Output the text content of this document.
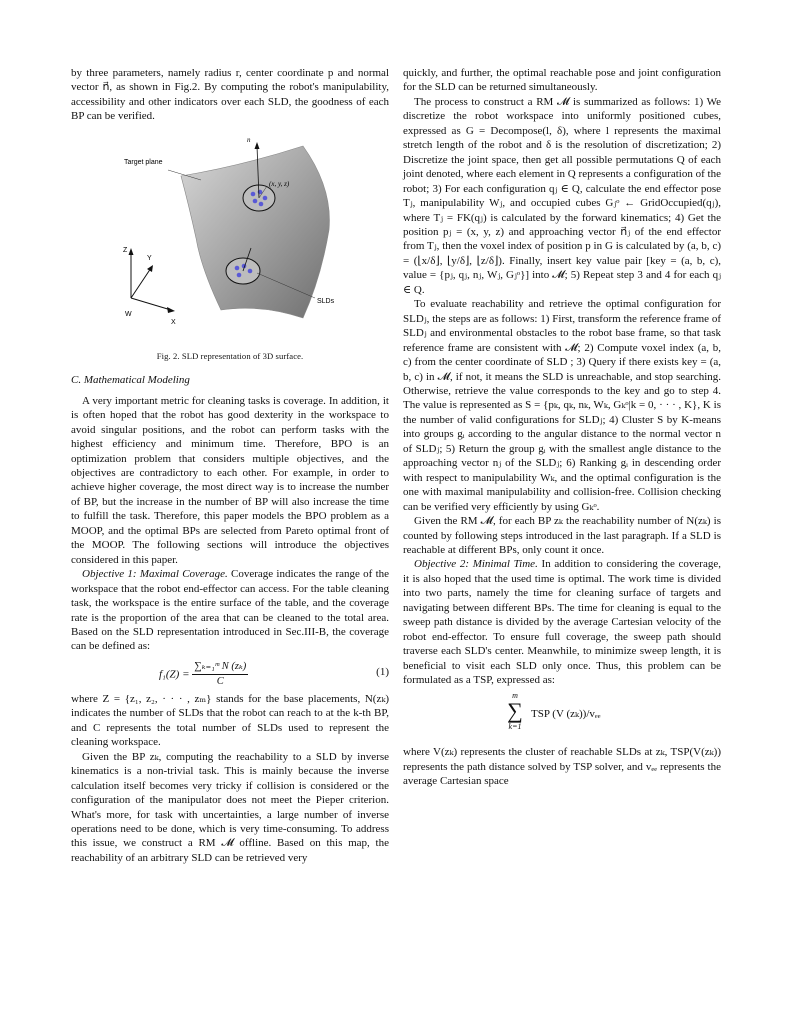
by three parameters, namely radius r, center coordinate p and normal vector n⃗, as shown in Fig.2. By computing the robot's manipulability, accessibility and other indicators over each SLD, the goodness of each BP can be verified.

Target plane
(x, y, z)
SLDs
n⃗
Z
Y
X
W
Fig. 2. SLD representation of 3D surface.

C. Mathematical Modeling

A very important metric for cleaning tasks is coverage. In addition, it is often hoped that the robot has good dexterity in the workspace to avoid singular positions, and the robot can perform tasks with the highest efficiency and minimum time. Therefore, BPO is an optimization problem that considers multiple objectives, and the objectives are contradictory to each other. For example, in order to achieve higher coverage, the most direct way is to increase the number of BP, but the increase in the number of BP will also increase the time to fulfill the task. Therefore, this paper models the BPO problem as a MOOP, and the optimal BPs are selected from Pareto optimal front of the MOOP. The following sections will introduce the objectives considered in this paper.

Objective 1: Maximal Coverage. Coverage indicates the range of the workspace that the robot end-effector can access. For the table cleaning task, the workspace is the entire surface of the table, and the coverage rate is the proportion of the area that can be cleaned to the total area. Based on the SLD representation introduced in Sec.III-B, the coverage can be defined as:

$f_1(Z) = \frac{\text{∑ₖ₌₁ᵐ N (zₖ)}}{C}$	(1)

where Z = {z₁, z₂, · · · , zₘ} stands for the base placements, N(zₖ) indicates the number of SLDs that the robot can reach to at the k-th BP, and C represents the total number of SLDs used to represent the cleaning workspace.

Given the BP zₖ, computing the reachability to a SLD by inverse kinematics is a non-trivial task. This is mainly because the inverse calculation itself becomes very tricky if collision is considered or the configuration of the manipulator does not meet the Pieper criterion. What's more, for task with uncertainties, a large number of inverse operations need to be done, which is very time-consuming. To address this issue, we construct a RM 𝓜 offline. Based on this map, the reachability of an arbitrary SLD can be retrieved very

quickly, and further, the optimal reachable pose and joint configuration for the SLD can be returned simultaneously.

The process to construct a RM 𝓜 is summarized as follows: 1) We discretize the robot workspace into uniformly positioned cubes, expressed as G = Decompose(l, δ), where l represents the maximal stretch length of the robot and δ is the resolution of discretization; 2) Discretize the joint space, then get all possible permutations Q of each joint denoted, where each element in Q represents a configuration of the robot; 3) For each configuration qⱼ ∈ Q, calculate the end effector pose Tⱼ, manipulability Wⱼ, and occupied cubes Gⱼᵒ ← GridOccupied(qⱼ), where Tⱼ = FK(qⱼ) is calculated by the forward kinematics; 4) Get the position pⱼ = (x, y, z) and approaching vector n⃗ⱼ of the end effector from Tⱼ, then the voxel index of position p in G is calculated by (a, b, c) = (⌊x/δ⌋, ⌊y/δ⌋, ⌊z/δ⌋). Finally, insert key value pair [key = (a, b, c), value = {pⱼ, qⱼ, nⱼ, Wⱼ, Gⱼᵒ}] into 𝓜; 5) Repeat step 3 and 4 for each qⱼ ∈ Q.

To evaluate reachability and retrieve the optimal configuration for SLDⱼ, the steps are as follows: 1) First, transform the reference frame of SLDⱼ and environmental obstacles to the robot base frame, so that task reference frame are consistent with 𝓜; 2) Compute voxel index (a, b, c) from the center coordinate of SLD ; 3) Query if there exists key = (a, b, c) in 𝓜, if not, it means the SLD is unreachable, and stop searching. Otherwise, retrieve the value corresponds to the key and go to step 4. The value is represented as S = {pₖ, qₖ, nₖ, Wₖ, Gₖᵒ|k = 0, · · · , K}, K is the number of valid configurations for SLDⱼ; 4) Cluster S by K-means into groups gᵢ according to the angular distance to the normal vector n of SLDⱼ; 5) Return the group gᵢ with the smallest angle distance to the approaching vector nⱼ of the SLDⱼ; 6) Ranking gᵢ in descending order with respect to manipulability Wₖ, and the optimal configuration is the one with maximal manipulability and collision-free. Collision checking can be verified very efficiently by using Gₖᵒ.

Given the RM 𝓜, for each BP zₖ the reachability number of N(zₖ) is counted by following steps introduced in the last paragraph. If a SLD is reachable at different BPs, only count it once.

Objective 2: Minimal Time. In addition to considering the coverage, it is also hoped that the used time is optimal. The work time is divided into two parts, namely the time for cleaning surface of targets and navigating between different BPs. The time for cleaning is equal to the sweep path distance is divided by the average Cartesian velocity of the robot end-effector. To ensure full coverage, the sweep path should traverse each SLD's center. Meanwhile, to minimize sweep length, it is beneficial to visit each SLD only once. Thus, this problem can be formulated as a TSP, expressed as:

m
∑
k=1
TSP (V (zₖ))/vₑₑ

where V(zₖ) represents the cluster of reachable SLDs at zₖ, TSP(V(zₖ)) represents the path distance solved by TSP solver, and vₑₑ represents the average Cartesian space
